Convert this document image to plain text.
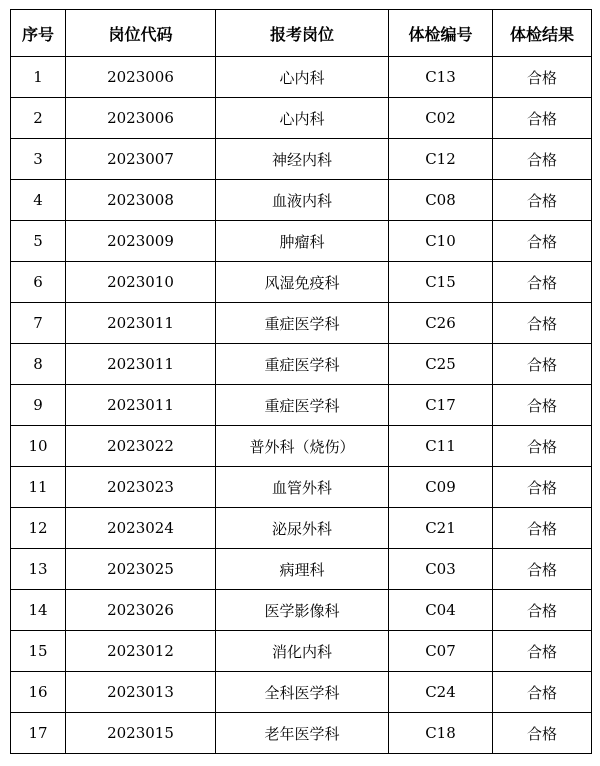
序号	岗位代码	报考岗位	体检编号	体检结果
1	2023006	心内科	C13	合格
2	2023006	心内科	C02	合格
3	2023007	神经内科	C12	合格
4	2023008	血液内科	C08	合格
5	2023009	肿瘤科	C10	合格
6	2023010	风湿免疫科	C15	合格
7	2023011	重症医学科	C26	合格
8	2023011	重症医学科	C25	合格
9	2023011	重症医学科	C17	合格
10	2023022	普外科（烧伤）	C11	合格
11	2023023	血管外科	C09	合格
12	2023024	泌尿外科	C21	合格
13	2023025	病理科	C03	合格
14	2023026	医学影像科	C04	合格
15	2023012	消化内科	C07	合格
16	2023013	全科医学科	C24	合格
17	2023015	老年医学科	C18	合格
